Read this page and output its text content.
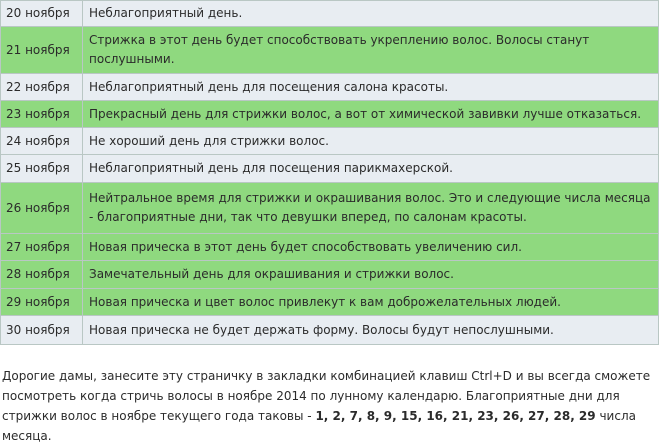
20 ноября	Неблагоприятный день.
21 ноября	Стрижка в этот день будет способствовать укреплению волос. Волосы станут послушными.
22 ноября	Неблагоприятный день для посещения салона красоты.
23 ноября	Прекрасный день для стрижки волос, а вот от химической завивки лучше отказаться.
24 ноября	Не хороший день для стрижки волос.
25 ноября	Неблагоприятный день для посещения парикмахерской.
26 ноября	Нейтральное время для стрижки и окрашивания волос. Это и следующие числа месяца - благоприятные дни, так что девушки вперед, по салонам красоты.
27 ноября	Новая прическа в этот день будет способствовать увеличению сил.
28 ноября	Замечательный день для окрашивания и стрижки волос.
29 ноября	Новая прическа и цвет волос привлекут к вам доброжелательных людей.
30 ноября	Новая прическа не будет держать форму. Волосы будут непослушными.
Дорогие дамы, занесите эту страничку в закладки комбинацией клавиш Ctrl+D и вы всегда сможете посмотреть когда стричь волосы в ноябре 2014 по лунному календарю. Благоприятные дни для стрижки волос в ноябре текущего года таковы - 1, 2, 7, 8, 9, 15, 16, 21, 23, 26, 27, 28, 29 числа месяца.
